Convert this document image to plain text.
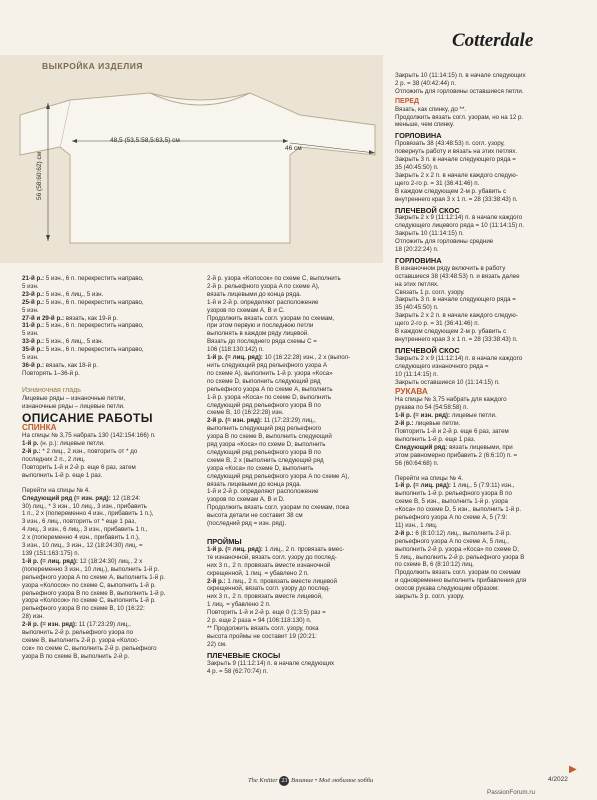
Cotterdale
ВЫКРОЙКА ИЗДЕЛИЯ
48,5 (53,5:58,5:63,5) см
46 см
56 (58:60:62) см

21-й р.: 5 изн., 6 п. перекрестить направо,

5 изн.

23-й р.: 5 изн., 6 лиц., 5 изн.

25-й р.: 5 изн., 6 п. перекрестить направо,

5 изн.

27-й и 29-й р.: вязать, как 19-й р.

31-й р.: 5 изн., 6 п. перекрестить направо,

5 изн.

33-й р.: 5 изн., 6 лиц., 5 изн.

35-й р.: 5 изн., 6 п. перекрестить направо,

5 изн.

36-й р.: вязать, как 18-й р.

Повторять 1–36-й р.

Изнаночная гладь

Лицевые ряды – изнаночные петли,

изнаночные ряды – лицевые петли.

ОПИСАНИЕ РАБОТЫ
СПИНКА

На спицы № 3,75 набрать 130 (142:154:166) п.

1-й р. (н. р.): лицевые петли.

2-й р.: * 2 лиц., 2 изн., повторить от * до

последних 2 п., 2 лиц.

Повторить 1-й и 2-й р. еще 6 раз, затем

выполнить 1-й р. еще 1 раз.

Перейти на спицы № 4.

Следующий ряд (= изн. ряд): 12 (18:24:

30) лиц., * 3 изн., 10 лиц., 3 изн., прибавить

1 п., 2 х (попеременно 4 изн., прибавить 1 п.),

3 изн., 6 лиц., повторить от * еще 1 раз,

4 лиц., 3 изн., 6 лиц., 3 изн., прибавить 1 п.,

2 х (попеременно 4 изн., прибавить 1 п.),

3 изн., 10 лиц., 3 изн., 12 (18:24:30) лиц. =

139 (151:163:175) п.

1-й р. (= лиц. ряд): 12 (18:24:30) лиц., 2 х

(попеременно 3 изн., 10 лиц.), выполнить 1-й р.

рельефного узора A по схеме A, выполнить 1-й р.

узора «Колосок» по схеме C, выполнить 1-й р.

рельефного узора B по схеме B, выполнить 1-й р.

узора «Колосок» по схеме C, выполнить 1-й р.

рельефного узора B по схеме B, 10 (16:22:

28) изн.

2-й р. (= изн. ряд): 11 (17:23:29) лиц.,

выполнить 2-й р. рельефного узора по

схеме B, выполнить 2-й р. узора «Колос-

сок» по схеме C, выполнить 2-й р. рельефного

узора B по схеме B, выполнить 2-й р.

2-й р. узора «Колосок» по схеме C, выполнить

2-й р. рельефного узора A по схеме A),

вязать лицевыми до конца ряда.

1-й и 2-й р. определяют расположение

узоров по схемам A, B и C.

Продолжить вязать согл. узорам по схемам,

при этом первую и последнюю петли

выполнять в каждом ряду лицевой.

Вязать до последнего ряда схемы C =

106 (118:130:142) п.

1-й р. (= лиц. ряд): 10 (16:22:28) изн., 2 х (выпол-

нить следующий ряд рельефного узора A

по схеме A), выполнить 1-й р. узора «Коса»

по схеме D, выполнить следующий ряд

рельефного узора A по схеме A, выполнить

1-й р. узора «Коса» по схеме D, выполнить

следующий ряд рельефного узора B по

схеме B, 10 (16:22:28) изн.

2-й р. (= изн. ряд): 11 (17:23:29) лиц.,

выполнить следующий ряд рельефного

узора B по схеме B, выполнить следующий

ряд узора «Коса» по схеме D, выполнить

следующий ряд рельефного узора B по

схеме B, 2 х (выполнить следующий ряд

узора «Коса» по схеме D, выполнить

следующий ряд рельефного узора A по схеме A),

вязать лицевыми до конца ряда.

1-й и 2-й р. определяют расположение

узоров по схемам A, B и D.

Продолжить вязать согл. узорам по схемам, пока

высота детали не составит 38 см

(последний ряд = изн. ряд).

ПРОЙМЫ

1-й р. (= лиц. ряд): 1 лиц., 2 п. провязать вмес-

те изнаночной, вязать согл. узору до послед-

них 3 п., 2 п. провязать вместе изнаночной

скрещенной, 1 лиц. = убавлено 2 п.

2-й р.: 1 лиц., 2 п. провязать вместе лицевой

скрещенной, вязать согл. узору до послед-

них 3 п., 2 п. провязать вместе лицевой,

1 лиц. = убавлено 2 п.

Повторить 1-й и 2-й р. еще 0 (1:3:5) раз =

2 р. еще 2 раза = 94 (106:118:130) п.

** Продолжить вязать согл. узору, пока

высота проймы не составит 19 (20:21:

22) см.

ПЛЕЧЕВЫЕ СКОСЫ

Закрыть 9 (11:12:14) п. в начале следующих

4 р. = 58 (62:70:74) п.

Закрыть 10 (11:14:15) п. в начале следующих

2 р. = 38 (40:42:44) п.

Отложить для горловины оставшиеся петли.

ПЕРЕД

Вязать, как спинку, до **.

Продолжить вязать согл. узорам, но на 12 р.

меньше, чем спинку.

ГОРЛОВИНА

Провязать 38 (43:48:53) п. согл. узору,

повернуть работу и вязать на этих петлях.

Закрыть 3 п. в начале следующего ряда =

35 (40:45:50) п.

Закрыть 2 х 2 п. в начале каждого следую-

щего 2-го р. = 31 (36:41:46) п.

В каждом следующем 2-м р. убавить с

внутреннего края 3 х 1 п. = 28 (33:38:43) п.

ПЛЕЧЕВОЙ СКОС

Закрыть 2 х 9 (11:12:14) п. в начале каждого

следующего лицевого ряда = 10 (11:14:15) п.

Закрыть 10 (11:14:15) п.

Отложить для горловины средние

18 (20:22:24) п.

ГОРЛОВИНА

В изнаночном ряду включить в работу

оставшиеся 38 (43:48:53) п. и вязать далее

на этих петлях.

Связать 1 р. согл. узору.

Закрыть 3 п. в начале следующего ряда =

35 (40:45:50) п.

Закрыть 2 х 2 п. в начале каждого следую-

щего 2-го р. = 31 (36:41:46) п.

В каждом следующем 2-м р. убавить с

внутреннего края 3 х 1 п. = 28 (33:38:43) п.

ПЛЕЧЕВОЙ СКОС

Закрыть 2 х 9 (11:12:14) п. в начале каждого

следующего изнаночного ряда =

10 (11:14:15) п.

Закрыть оставшиеся 10 (11:14:15) п.

РУКАВА

На спицы № 3,75 набрать для каждого

рукава по 54 (54:58:58) п.

1-й р. (= изн. ряд): лицевые петли.

2-й р.: лицевые петли.

Повторить 1-й и 2-й р. еще 6 раз, затем

выполнить 1-й р. еще 1 раз.

Следующий ряд: вязать лицевыми, при

этом равномерно прибавить 2 (6:6:10) п. =

56 (60:64:68) п.

Перейти на спицы № 4.

1-й р. (= лиц. ряд): 1 лиц., 5 (7:9:11) изн.,

выполнить 1-й р. рельефного узора B по

схеме B, 5 изн., выполнить 1-й р. узора

«Коса» по схеме D, 5 изн., выполнить 1-й р.

рельефного узора A по схеме A, 5 (7:9:

11) изн., 1 лиц.

2-й р.: 6 (8:10:12) лиц., выполнить 2-й р.

рельефного узора A по схеме A, 5 лиц.,

выполнить 2-й р. узора «Коса» по схеме D,

5 лиц., выполнить 2-й р. рельефного узора B

по схеме B, 6 (8:10:12) лиц.

Продолжить вязать согл. узорам по схемам

и одновременно выполнить прибавления для

скосов рукава следующим образом:

закрыть 3 р. согл. узору.

▶
The Knitter 23 Вязание • Моё любимое хобби	4/2022
PassionForum.ru
